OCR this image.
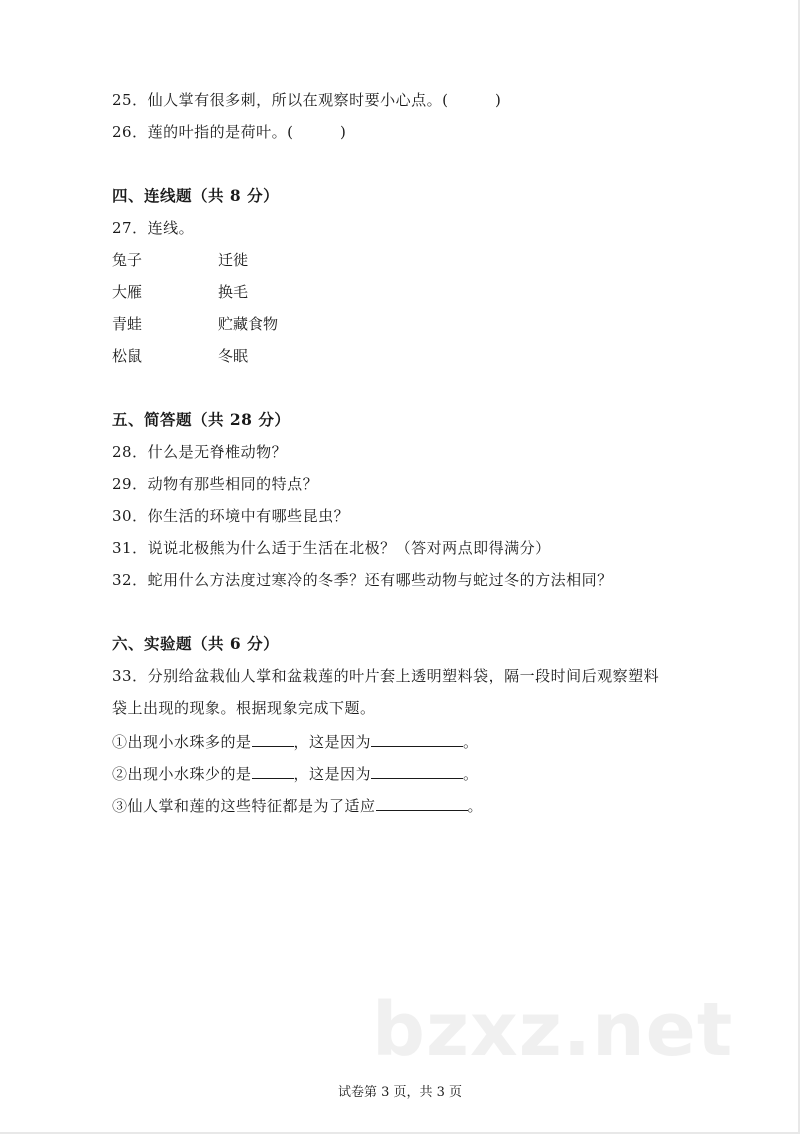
25．仙人掌有很多刺，所以在观察时要小心点。(　　　)
26．莲的叶指的是荷叶。(　　　)
四、连线题（共 8 分）
27．连线。
兔子	迁徙
大雁	换毛
青蛙	贮藏食物
松鼠	冬眠
五、简答题（共 28 分）
28．什么是无脊椎动物？
29．动物有那些相同的特点？
30．你生活的环境中有哪些昆虫？
31．说说北极熊为什么适于生活在北极？（答对两点即得满分）
32．蛇用什么方法度过寒冷的冬季？还有哪些动物与蛇过冬的方法相同？
六、实验题（共 6 分）
33．分别给盆栽仙人掌和盆栽莲的叶片套上透明塑料袋，隔一段时间后观察塑料
袋上出现的现象。根据现象完成下题。
①出现小水珠多的是	，这是因为	。
②出现小水珠少的是	，这是因为	。
③仙人掌和莲的这些特征都是为了适应	。
bzxz.net
试卷第 3 页，共 3 页
